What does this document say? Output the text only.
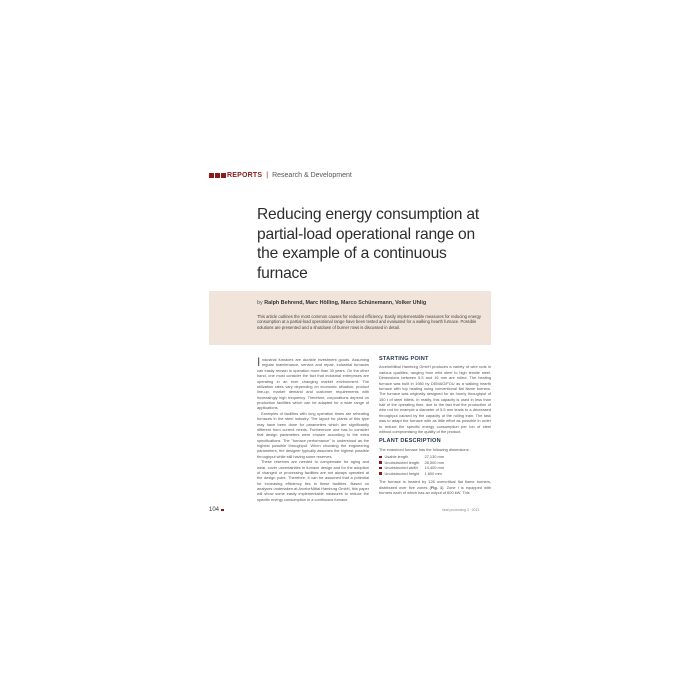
REPORTS | Research & Development
Reducing energy consumption at partial-load operational range on the example of a continuous furnace
by Ralph Behrend, Marc Hölling, Marco Schünemann, Volker Uhlig

This article outlines the most common causes for reduced efficiency. Easily implementable measures for reducing energy consumption at a partial-load operational range have been tested and evaluated for a walking hearth furnace. Possible solutions are presented and a shutdown of burner rows is discussed in detail.

Industrial furnaces are durable investment goods. Assuming regular maintenance, service and repair, industrial furnaces can easily remain in operation more than 30 years. On the other hand, one must consider the fact that industrial enterprises are operating in an ever changing market environment. The utilization rates vary depending on economic situation, product line-up, market demand and customer requirements with increasingly high frequency. Therefore, corporations depend on production facilities which can be adapted for a wide range of applications.

Examples of facilities with long operation times are reheating furnaces in the steel industry. The layout for plants of this type may have been done for parameters which are significantly different from current needs. Furthermore one has to consider that design parameters were chosen according to the extra specifications. The "furnace performance" is understood as the highest possible throughput. When choosing the engineering parameters, the designer typically assumes the highest possible throughput while still having some reserves.

These reserves are needed to compensate for aging and wear, cover uncertainties in furnace design and for the adoption of changed or processing facilities are not always operated at the design point. Therefore, it can be assumed that a potential for increasing efficiency lies in these facilities. Based on analyses undertaken at ArcelorMittal Hamburg GmbH, this paper will show some easily implementable measures to reduce the specific energy consumption in a continuous furnace.

STARTING POINT

ArcelorMittal Hamburg GmbH produces a variety of wire rods in various qualities, ranging from mild steel to high tensile steel. Dimensions between 5.5 and 16 mm are rolled. The heating furnace was built in 1980 by DEMAG/FOU as a walking hearth furnace with top heating using conventional flat flame burners. The furnace was originally designed for an hourly throughput of 150 t of steel billets. In reality, this capacity is used in less than half of the operating time, due to the fact that the production of wire rod for example a diameter of 5.5 mm leads to a decreased throughput caused by the capacity of the rolling train. The task was to adapt the furnace with as little effort as possible in order to reduce the specific energy consumption per ton of steel without compromising the quality of the product.

PLANT DESCRIPTION

The examined furnace has the following dimensions:

Usable length	27,130 mm
Unobstructed length	28,500 mm
Unobstructed width	14,400 mm
Unobstructed height	1,600 mm

The furnace is heated by 126 overcritical flat flame burners, distributed over five zones (Fig. 1). Zone I is equipped with burners each of which has an output of 600 kW. This

104	heat processing 3 · 2013
